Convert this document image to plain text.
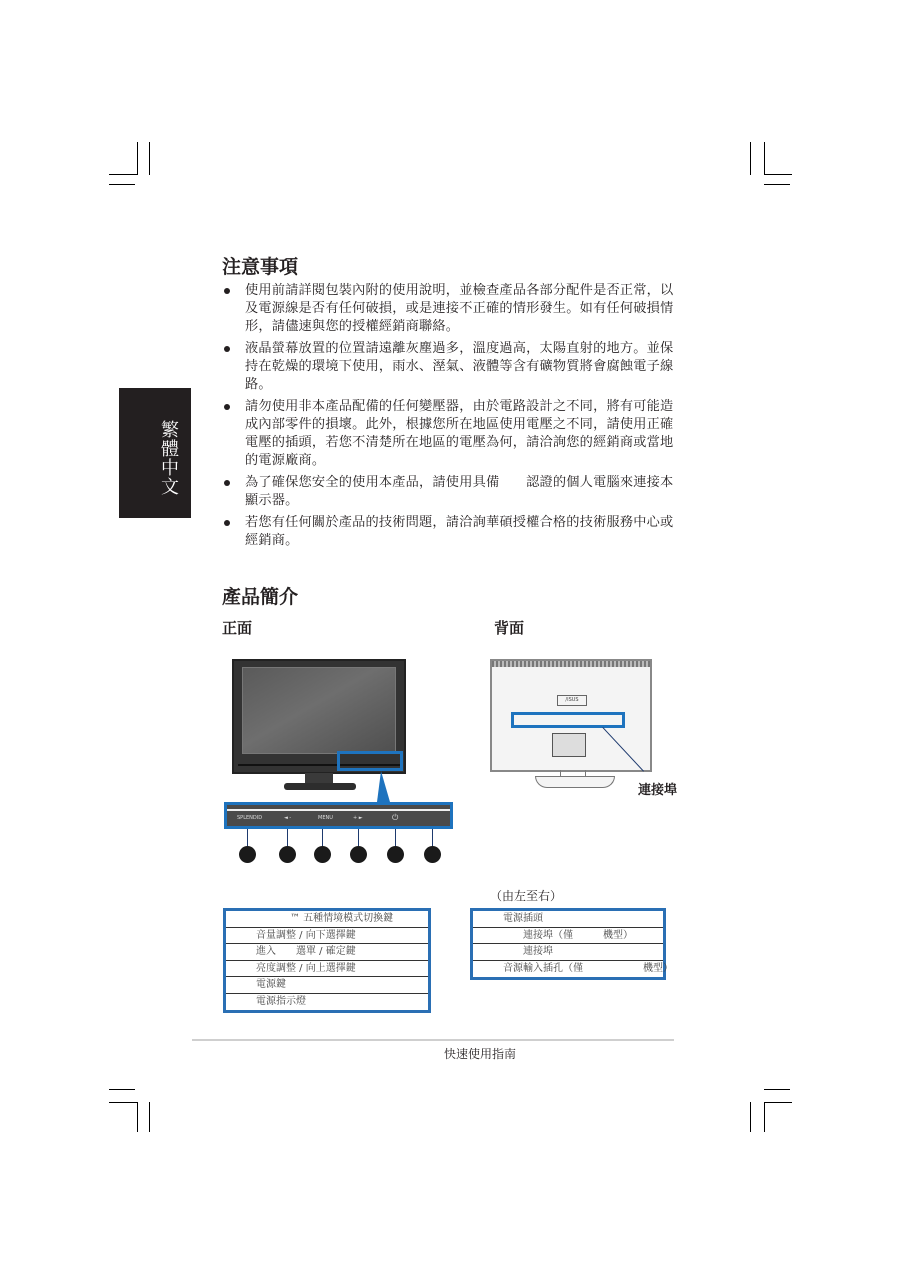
繁體中文
注意事項
使用前請詳閱包裝內附的使用說明，並檢查產品各部分配件是否正常，以及電源線是否有任何破損，或是連接不正確的情形發生。如有任何破損情形，請儘速與您的授權經銷商聯絡。
液晶螢幕放置的位置請遠離灰塵過多，溫度過高，太陽直射的地方。並保持在乾燥的環境下使用，雨水、溼氣、液體等含有礦物質將會腐蝕電子線路。
請勿使用非本產品配備的任何變壓器，由於電路設計之不同，將有可能造成內部零件的損壞。此外，根據您所在地區使用電壓之不同，請使用正確電壓的插頭，若您不清楚所在地區的電壓為何，請洽詢您的經銷商或當地的電源廠商。
為了確保您安全的使用本產品，請使用具備　　認證的個人電腦來連接本顯示器。
若您有任何關於產品的技術問題，請洽詢華碩授權合格的技術服務中心或經銷商。
產品簡介
正面	背面
SPLENDID	◄ -	MENU	+ ►	⏻
/ISUS
連接埠
（由左至右）
　　　　　　™ 五種情境模式切換鍵
音量調整 / 向下選擇鍵
進入　　選單 / 確定鍵
亮度調整 / 向上選擇鍵
電源鍵
電源指示燈
電源插頭
　　連接埠（僅　　　機型）
　　連接埠
音源輸入插孔（僅　　　　　　機型）
快速使用指南
